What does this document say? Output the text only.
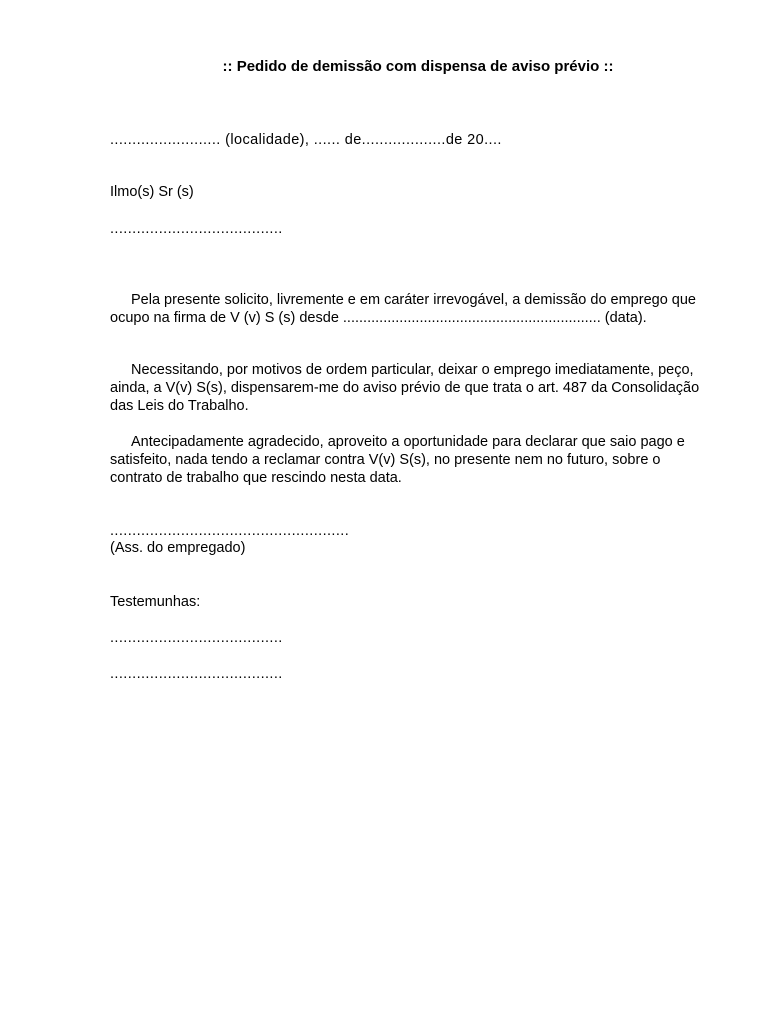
:: Pedido de demissão com dispensa de aviso prévio ::

......................... (localidade), ...... de...................de 20....

Ilmo(s) Sr (s)

.......................................

Pela presente solicito, livremente e em caráter irrevogável, a demissão do emprego que ocupo na firma de V (v) S (s) desde ................................................................ (data).

Necessitando, por motivos de ordem particular, deixar o emprego imediatamente, peço, ainda, a V(v) S(s), dispensarem-me do aviso prévio de que trata o art. 487 da Consolidação das Leis do Trabalho.

Antecipadamente agradecido, aproveito a oportunidade para declarar que saio pago e satisfeito, nada tendo a reclamar contra V(v) S(s), no presente nem no futuro, sobre o contrato de trabalho que rescindo nesta data.

......................................................

(Ass. do empregado)

Testemunhas:

.......................................

.......................................
